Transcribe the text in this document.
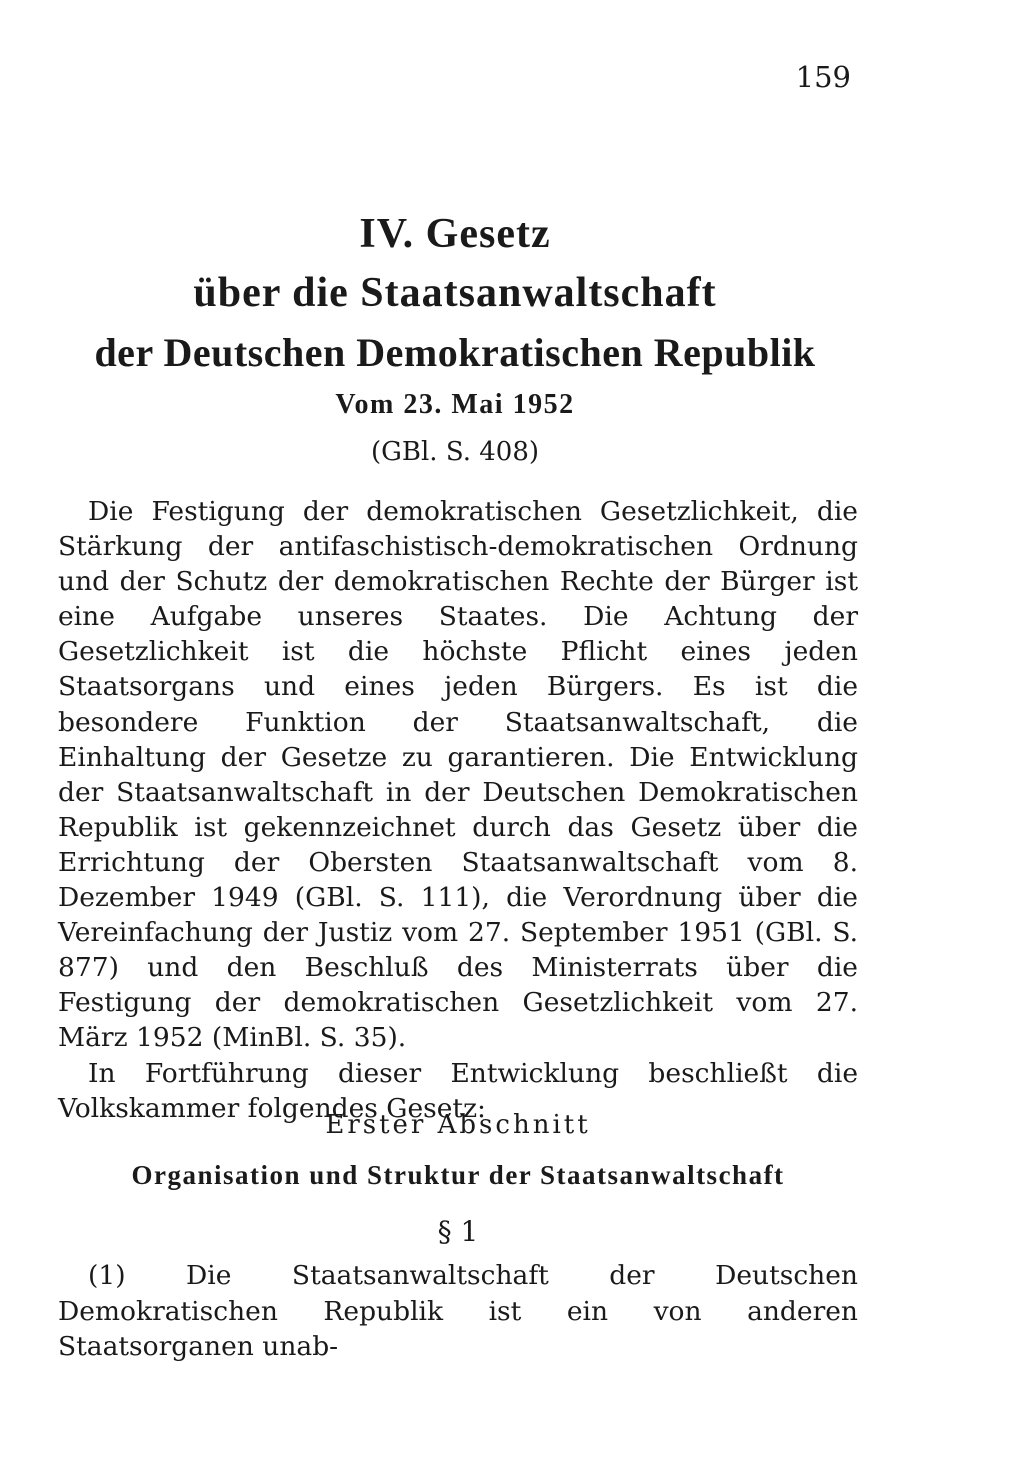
159
IV. Gesetz
über die Staatsanwaltschaft
der Deutschen Demokratischen Republik
Vom 23. Mai 1952
(GBl. S. 408)

Die Festigung der demokratischen Gesetzlichkeit, die Stärkung der antifaschistisch-demokratischen Ordnung und der Schutz der demokratischen Rechte der Bürger ist eine Aufgabe unseres Staates. Die Achtung der Gesetzlichkeit ist die höchste Pflicht eines jeden Staatsorgans und eines jeden Bürgers. Es ist die besondere Funktion der Staatsanwaltschaft, die Einhaltung der Gesetze zu garantieren. Die Entwicklung der Staatsanwaltschaft in der Deutschen Demokratischen Republik ist gekennzeichnet durch das Gesetz über die Errichtung der Obersten Staatsanwaltschaft vom 8. Dezember 1949 (GBl. S. 111), die Verordnung über die Vereinfachung der Justiz vom 27. September 1951 (GBl. S. 877) und den Beschluß des Ministerrats über die Festigung der demokratischen Gesetzlichkeit vom 27. März 1952 (MinBl. S. 35).

In Fortführung dieser Entwicklung beschließt die Volkskammer folgendes Gesetz:

Erster Abschnitt
Organisation und Struktur der Staatsanwaltschaft
§ 1

(1) Die Staatsanwaltschaft der Deutschen Demokratischen Republik ist ein von anderen Staatsorganen unab-
